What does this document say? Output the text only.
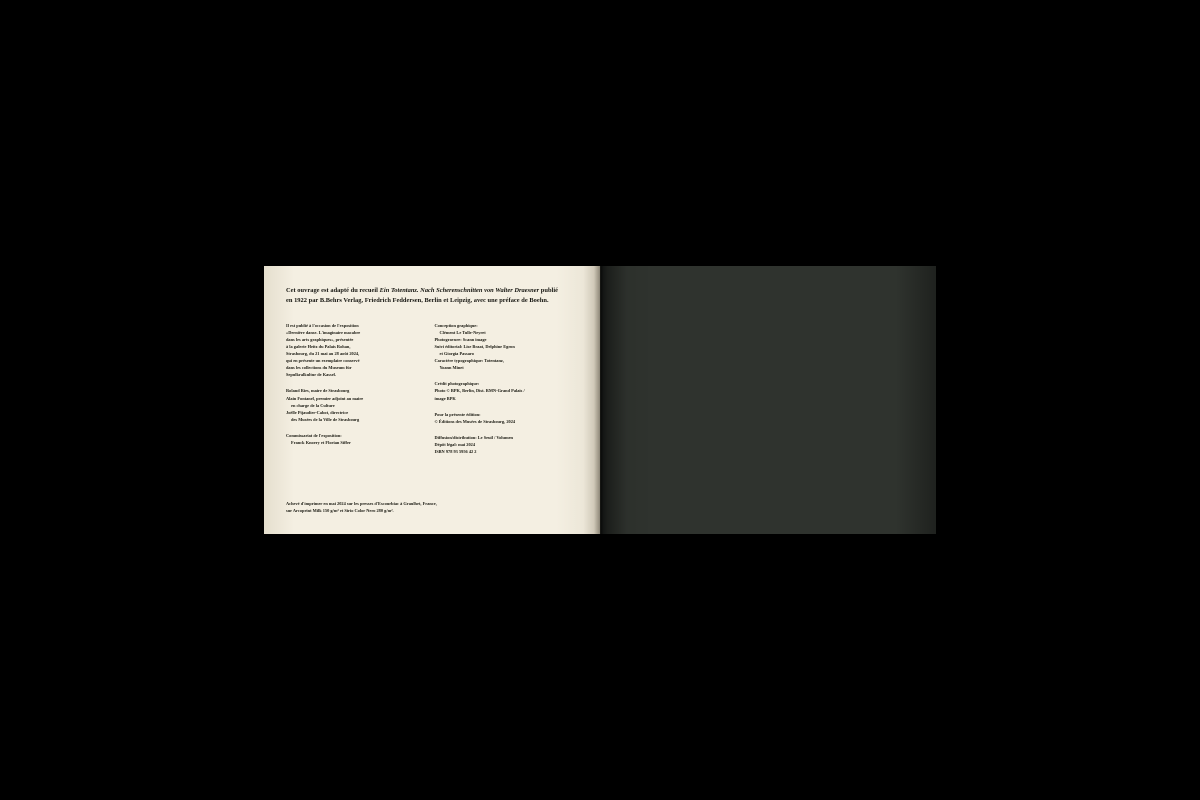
Cet ouvrage est adapté du recueil Ein Totentanz. Nach Scherenschnitten von Walter Draesner publié en 1922 par B.Behrs Verlag, Friedrich Feddersen, Berlin et Leipzig, avec une préface de Boehn.

Il est publié à l'occasion de l'exposition
«Dernière danse. L'imaginaire macabre
dans les arts graphiques», présentée
à la galerie Heitz du Palais Rohan,
Strasbourg, du 21 mai au 28 août 2024,
qui en présente un exemplaire conservé
dans les collections du Museum für
Sepulkralkultur de Kassel.
Roland Ries, maire de Strasbourg
Alain Fontanel, premier adjoint au maire
en charge de la Culture
Joëlle Pijaudier-Cabot, directrice
des Musées de la Ville de Strasbourg
Commissariat de l'exposition:
Franck Knoery et Florian Siffer
Conception graphique:
Clément Le Tulle-Neyret
Photogravure: Scann image
Suivi éditorial: Lise Braat, Delphine Egron
et Giorgia Passaro
Caractère typographique: Totentanz,
Yoann Minet
Crédit photographique:
Photo © BPK, Berlin, Dist. RMN-Grand Palais /
image BPK
Pour la présente édition:
© Éditions des Musées de Strasbourg, 2024
Diffusion/distribution: Le Seuil / Volumen
Dépôt légal: mai 2024
ISBN 978 93 5956 42 2
Achevé d'imprimer en mai 2024 sur les presses d'Escourbiac à Graulhet, France,
sur Arcoprint Milk 150 g/m² et Sirio Color Nero 280 g/m².
